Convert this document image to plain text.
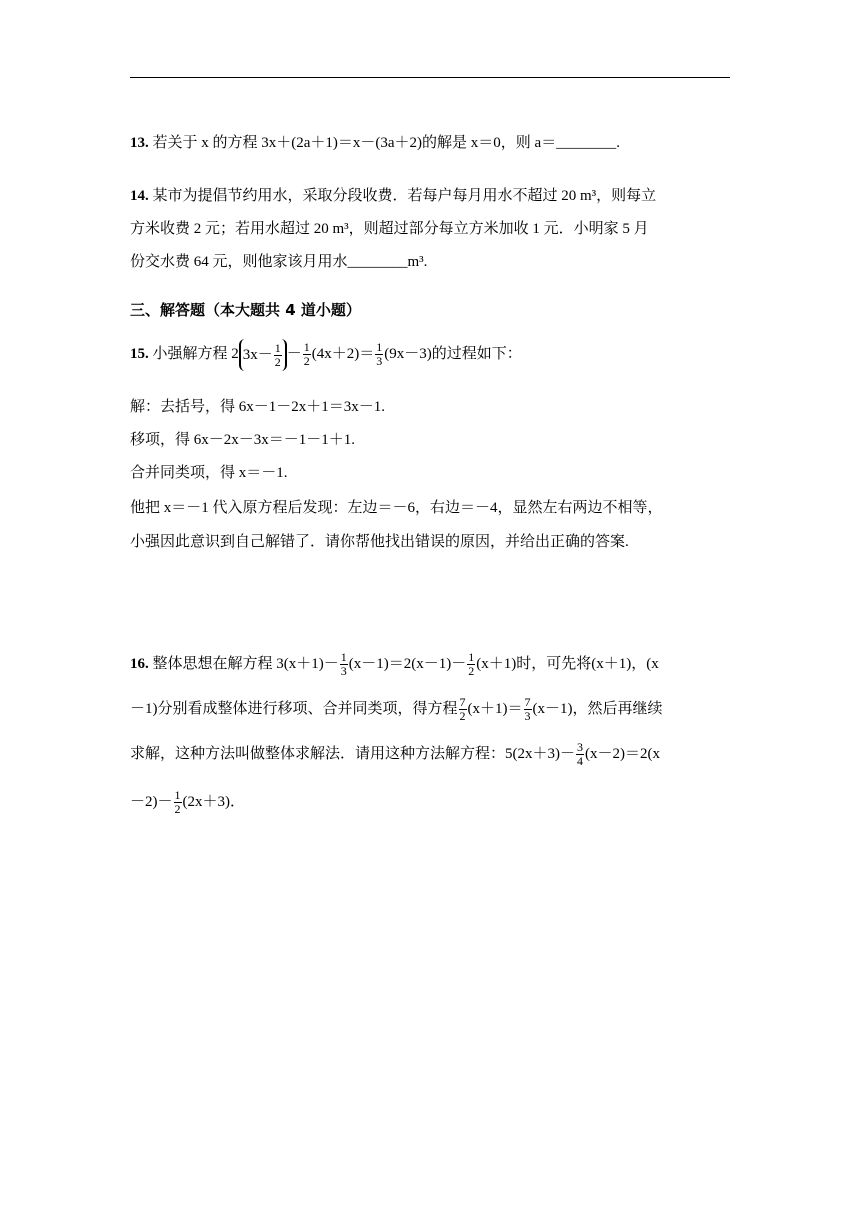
13. 若关于 x 的方程 3x＋(2a＋1)＝x－(3a＋2)的解是 x＝0，则 a＝________.
14. 某市为提倡节约用水，采取分段收费．若每户每月用水不超过 20 m³，则每立
方米收费 2 元；若用水超过 20 m³，则超过部分每立方米加收 1 元．小明家 5 月
份交水费 64 元，则他家该月用水________m³.
三、解答题（本大题共 4 道小题）
15. 小强解方程 2 $3x- \frac{1}{2} - \frac{1}{2} (4x+2)= \frac{1}{3} (9x-3)$的过程如下：
解：去括号，得 6x－1－2x＋1＝3x－1.
移项，得 6x－2x－3x＝－1－1＋1.
合并同类项，得 x＝－1.
他把 x＝－1 代入原方程后发现：左边＝－6，右边＝－4，显然左右两边不相等，
小强因此意识到自己解错了．请你帮他找出错误的原因，并给出正确的答案.
16. 整体思想在解方程 $3(x+1)- \frac{1}{3} (x-1)=2(x-1)- \frac{1}{2} (x+1)$时，可先将(x＋1)，(x
－1)分别看成整体进行移项、合并同类项，得方程 $\frac{7}{2} (x+1)= \frac{7}{3} (x-1)$，然后再继续
求解，这种方法叫做整体求解法．请用这种方法解方程：$5(2x+3)- \frac{3}{4} (x-2)=2(x$
$-2)- \frac{1}{2} (2x+3)$．
